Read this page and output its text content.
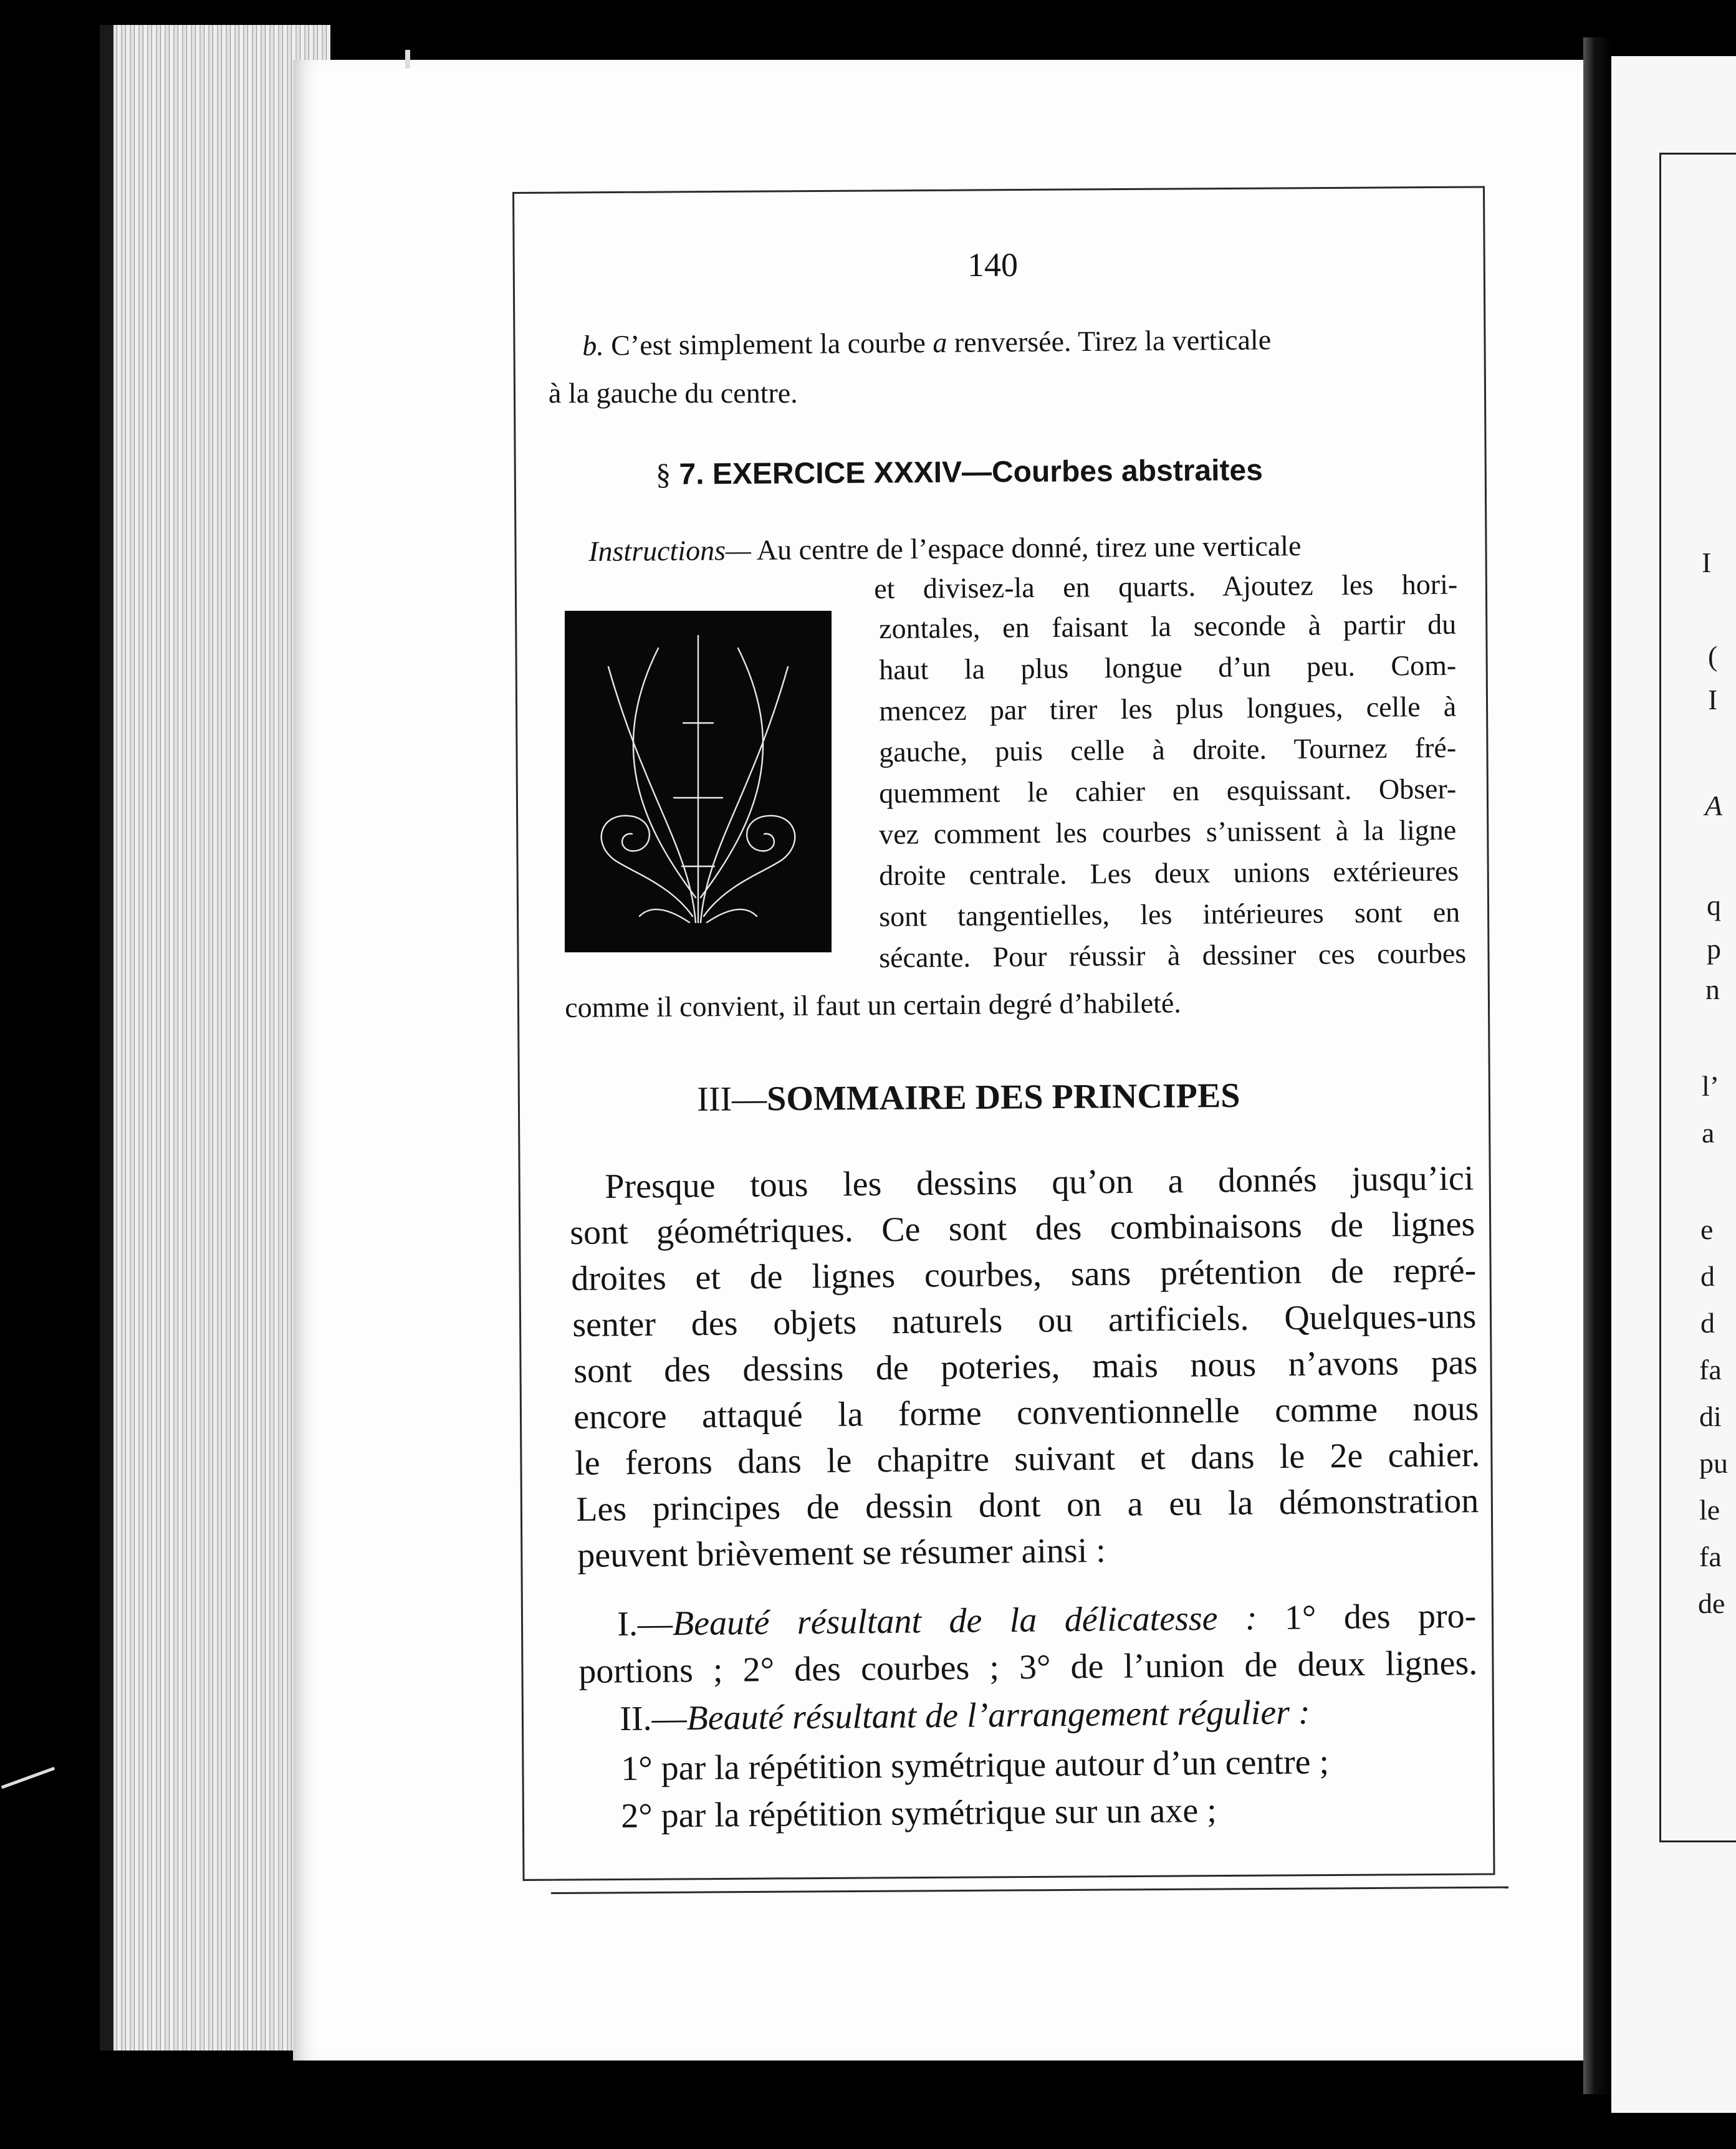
I
(
I
A
q
p
n
l’
a
e
d
d
fa
di
pu
le
fa
de
140
b. C’est simplement la courbe a renversée. Tirez la verticale
à la gauche du centre.
§ 7. EXERCICE XXXIV—Courbes abstraites
Instructions— Au centre de l’espace donné, tirez une verticale
et divisez-la en quarts. Ajoutez les hori-
zontales, en faisant la seconde à partir du
haut la plus longue d’un peu. Com-
mencez par tirer les plus longues, celle à
gauche, puis celle à droite. Tournez fré-
quemment le cahier en esquissant. Obser-
vez comment les courbes s’unissent à la ligne
droite centrale. Les deux unions extérieures
sont tangentielles, les intérieures sont en
sécante. Pour réussir à dessiner ces courbes
comme il convient, il faut un certain degré d’habileté.
III—SOMMAIRE DES PRINCIPES
Presque tous les dessins qu’on a donnés jusqu’ici
sont géométriques. Ce sont des combinaisons de lignes
droites et de lignes courbes, sans prétention de repré-
senter des objets naturels ou artificiels. Quelques-uns
sont des dessins de poteries, mais nous n’avons pas
encore attaqué la forme conventionnelle comme nous
le ferons dans le chapitre suivant et dans le 2e cahier.
Les principes de dessin dont on a eu la démonstration
peuvent brièvement se résumer ainsi :
I.—Beauté résultant de la délicatesse : 1° des pro-
portions ; 2° des courbes ; 3° de l’union de deux lignes.
II.—Beauté résultant de l’arrangement régulier :
1° par la répétition symétrique autour d’un centre ;
2° par la répétition symétrique sur un axe ;
